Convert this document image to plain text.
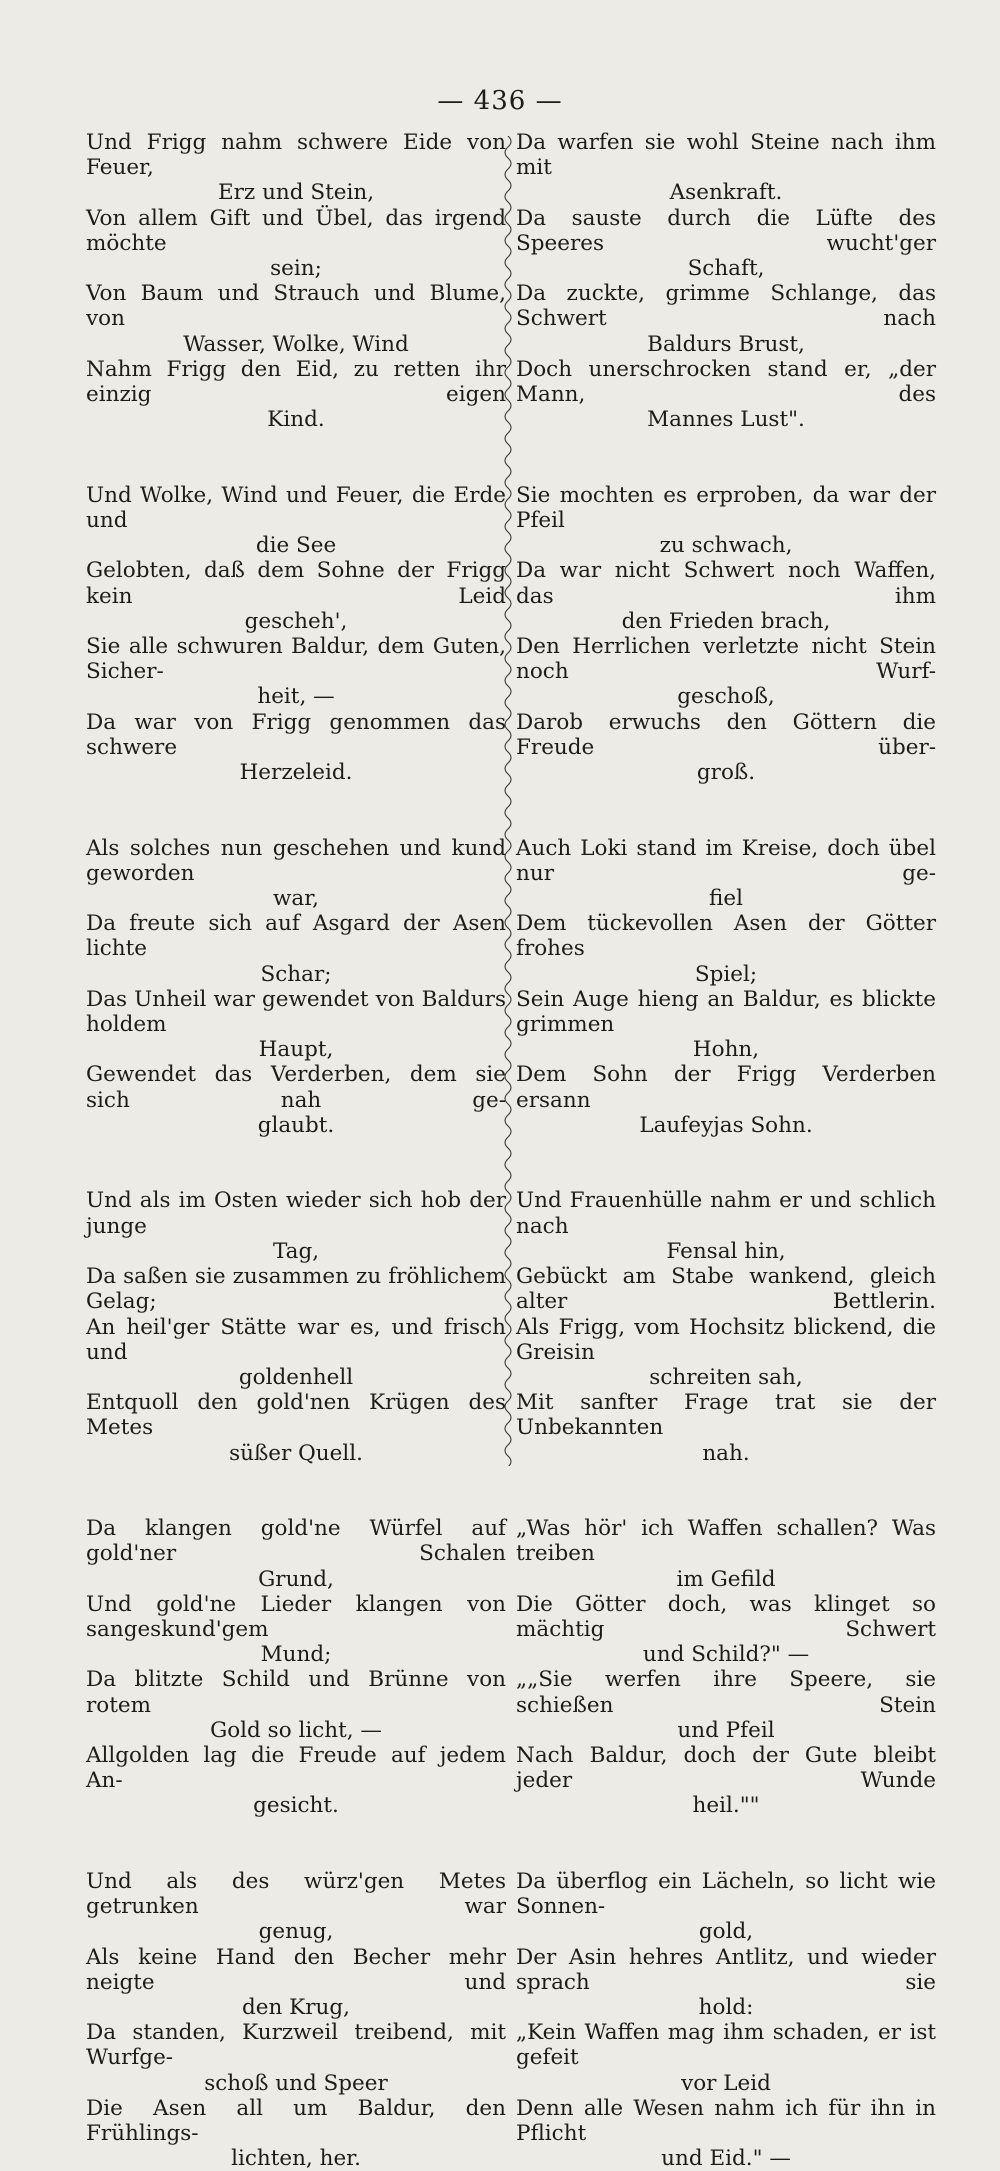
— 436 —
Und Frigg nahm schwere Eide von Feuer,
Erz und Stein,
Von allem Gift und Übel, das irgend möchte
sein;
Von Baum und Strauch und Blume, von
Wasser, Wolke, Wind
Nahm Frigg den Eid, zu retten ihr einzig eigen
Kind.
Und Wolke, Wind und Feuer, die Erde und
die See
Gelobten, daß dem Sohne der Frigg kein Leid
gescheh',
Sie alle schwuren Baldur, dem Guten, Sicher-
heit, —
Da war von Frigg genommen das schwere
Herzeleid.
Als solches nun geschehen und kund geworden
war,
Da freute sich auf Asgard der Asen lichte
Schar;
Das Unheil war gewendet von Baldurs holdem
Haupt,
Gewendet das Verderben, dem sie sich nah ge-
glaubt.
Und als im Osten wieder sich hob der junge
Tag,
Da saßen sie zusammen zu fröhlichem Gelag;
An heil'ger Stätte war es, und frisch und
goldenhell
Entquoll den gold'nen Krügen des Metes
süßer Quell.
Da klangen gold'ne Würfel auf gold'ner Schalen
Grund,
Und gold'ne Lieder klangen von sangeskund'gem
Mund;
Da blitzte Schild und Brünne von rotem
Gold so licht, —
Allgolden lag die Freude auf jedem An-
gesicht.
Und als des würz'gen Metes getrunken war
genug,
Als keine Hand den Becher mehr neigte und
den Krug,
Da standen, Kurzweil treibend, mit Wurfge-
schoß und Speer
Die Asen all um Baldur, den Frühlings-
lichten, her.
Da warfen sie wohl Steine nach ihm mit
Asenkraft.
Da sauste durch die Lüfte des Speeres wucht'ger
Schaft,
Da zuckte, grimme Schlange, das Schwert nach
Baldurs Brust,
Doch unerschrocken stand er, „der Mann, des
Mannes Lust".
Sie mochten es erproben, da war der Pfeil
zu schwach,
Da war nicht Schwert noch Waffen, das ihm
den Frieden brach,
Den Herrlichen verletzte nicht Stein noch Wurf-
geschoß,
Darob erwuchs den Göttern die Freude über-
groß.
Auch Loki stand im Kreise, doch übel nur ge-
fiel
Dem tückevollen Asen der Götter frohes
Spiel;
Sein Auge hieng an Baldur, es blickte grimmen
Hohn,
Dem Sohn der Frigg Verderben ersann
Laufeyjas Sohn.
Und Frauenhülle nahm er und schlich nach
Fensal hin,
Gebückt am Stabe wankend, gleich alter Bettlerin.
Als Frigg, vom Hochsitz blickend, die Greisin
schreiten sah,
Mit sanfter Frage trat sie der Unbekannten
nah.
„Was hör' ich Waffen schallen? Was treiben
im Gefild
Die Götter doch, was klinget so mächtig Schwert
und Schild?" —
„„Sie werfen ihre Speere, sie schießen Stein
und Pfeil
Nach Baldur, doch der Gute bleibt jeder Wunde
heil.""
Da überflog ein Lächeln, so licht wie Sonnen-
gold,
Der Asin hehres Antlitz, und wieder sprach sie
hold:
„Kein Waffen mag ihm schaden, er ist gefeit
vor Leid
Denn alle Wesen nahm ich für ihn in Pflicht
und Eid." —
